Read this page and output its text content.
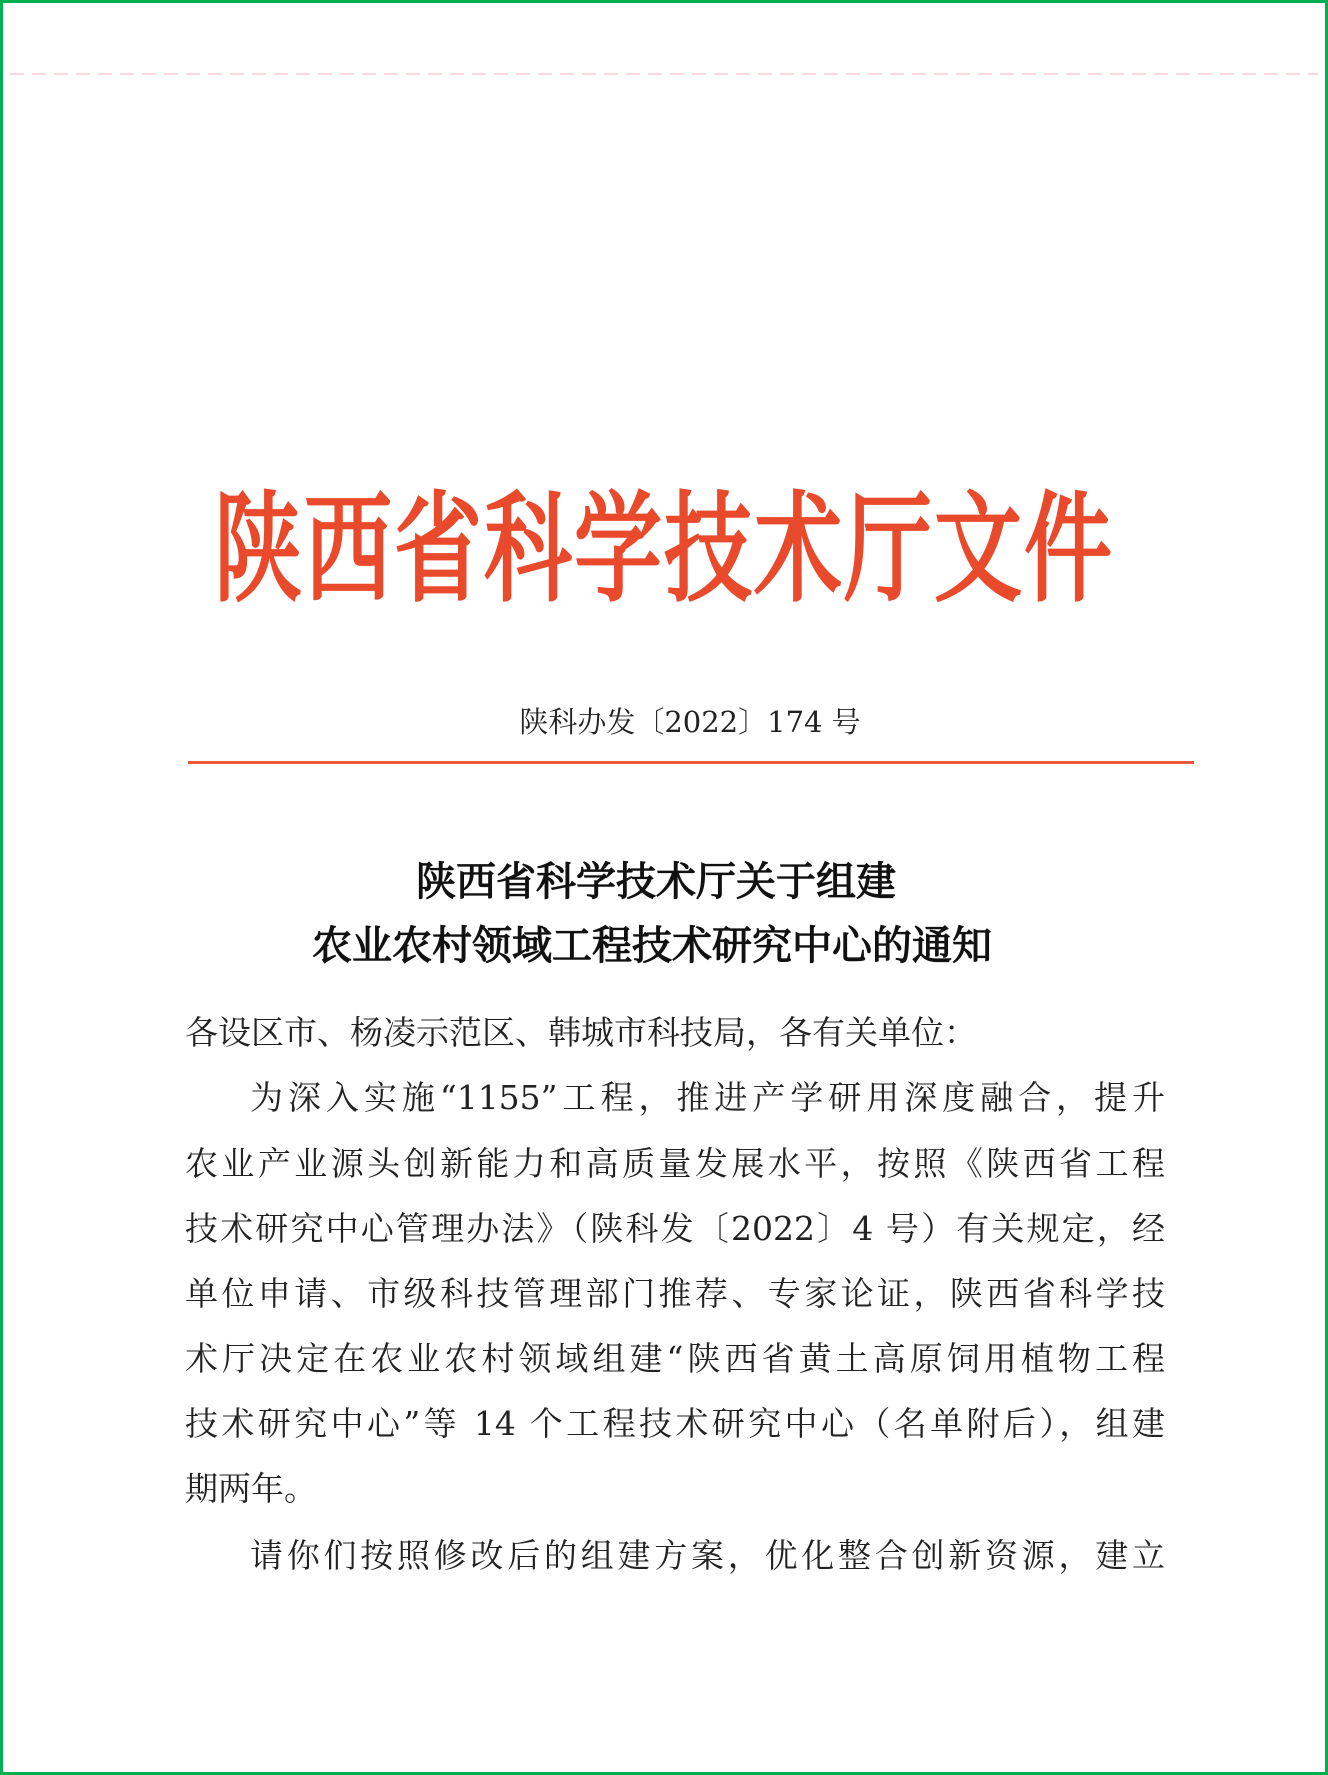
陕西省科学技术厅文件
陕科办发〔2022〕174 号
陕西省科学技术厅关于组建
农业农村领域工程技术研究中心的通知
各设区市、杨凌示范区、韩城市科技局，各有关单位：
为深入实施“1155”工程，推进产学研用深度融合，提升
农业产业源头创新能力和高质量发展水平，按照《陕西省工程
技术研究中心管理办法》（陕科发〔2022〕4 号）有关规定，经
单位申请、市级科技管理部门推荐、专家论证，陕西省科学技
术厅决定在农业农村领域组建“陕西省黄土高原饲用植物工程
技术研究中心”等 14 个工程技术研究中心（名单附后），组建
期两年。
请你们按照修改后的组建方案，优化整合创新资源，建立
